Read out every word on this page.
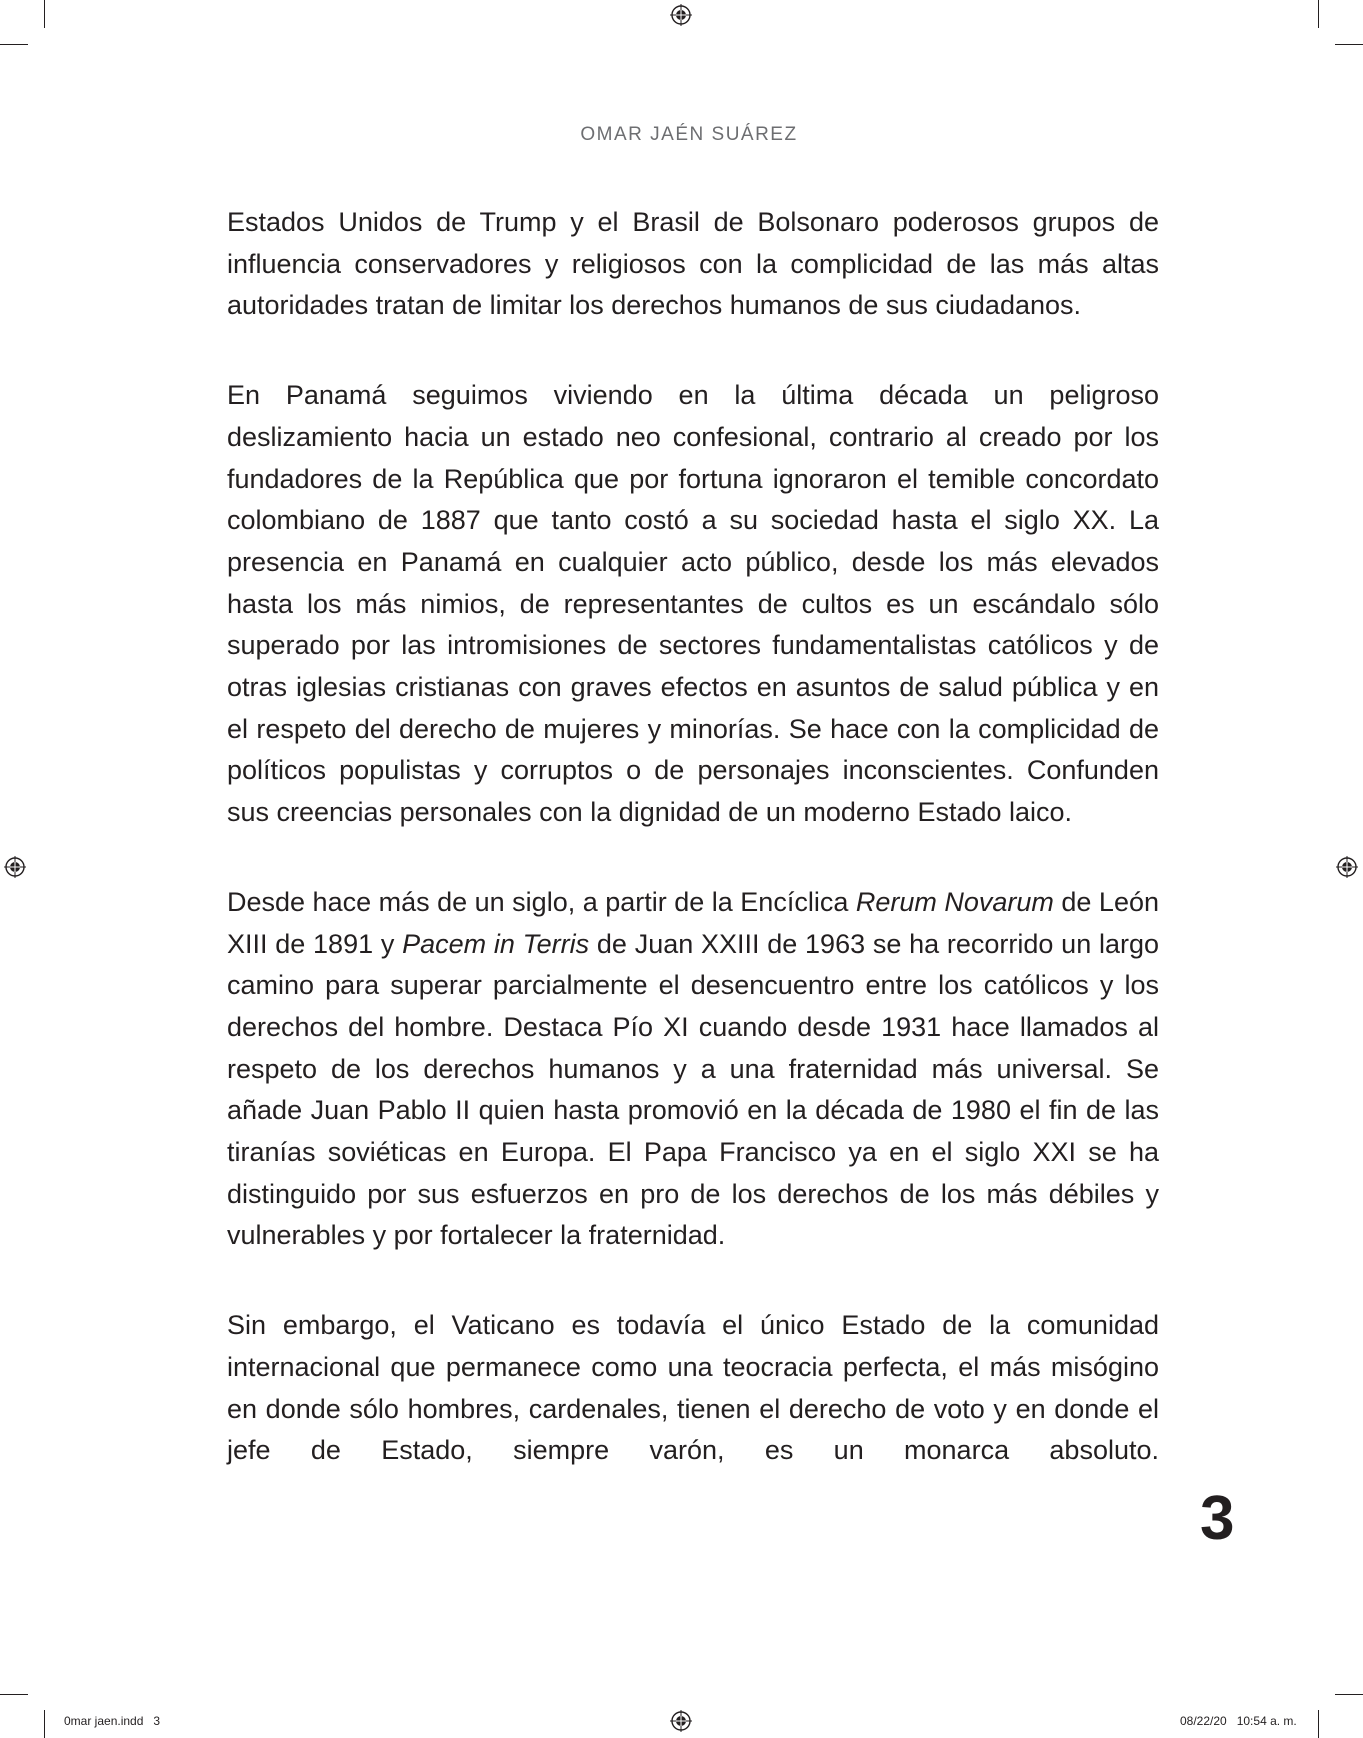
OMAR JAÉN SUÁREZ

Estados Unidos de Trump y el Brasil de Bolsonaro poderosos grupos de influencia conservadores y religiosos con la complicidad de las más altas autoridades tratan de limitar los derechos humanos de sus ciudadanos.

En Panamá seguimos viviendo en la última década un peligroso deslizamiento hacia un estado neo confesional, contrario al creado por los fundadores de la República que por fortuna ignoraron el temible concordato colombiano de 1887 que tanto costó a su sociedad hasta el siglo XX. La presencia en Panamá en cualquier acto público, desde los más elevados hasta los más nimios, de representantes de cultos es un escándalo sólo superado por las intromisiones de sectores fundamentalistas católicos y de otras iglesias cristianas con graves efectos en asuntos de salud pública y en el respeto del derecho de mujeres y minorías. Se hace con la complicidad de políticos populistas y corruptos o de personajes inconscientes. Confunden sus creencias personales con la dignidad de un moderno Estado laico.

Desde hace más de un siglo, a partir de la Encíclica Rerum Novarum de León XIII de 1891 y Pacem in Terris de Juan XXIII de 1963 se ha recorrido un largo camino para superar parcialmente el desencuentro entre los católicos y los derechos del hombre. Destaca Pío XI cuando desde 1931 hace llamados al respeto de los derechos humanos y a una fraternidad más universal. Se añade Juan Pablo II quien hasta promovió en la década de 1980 el fin de las tiranías soviéticas en Europa. El Papa Francisco ya en el siglo XXI se ha distinguido por sus esfuerzos en pro de los derechos de los más débiles y vulnerables y por fortalecer la fraternidad.

Sin embargo, el Vaticano es todavía el único Estado de la comunidad internacional que permanece como una teocracia perfecta, el más misógino en donde sólo hombres, cardenales, tienen el derecho de voto y en donde el jefe de Estado, siempre varón, es un monarca absoluto.

3
0mar jaen.indd   3	08/22/20   10:54 a. m.
